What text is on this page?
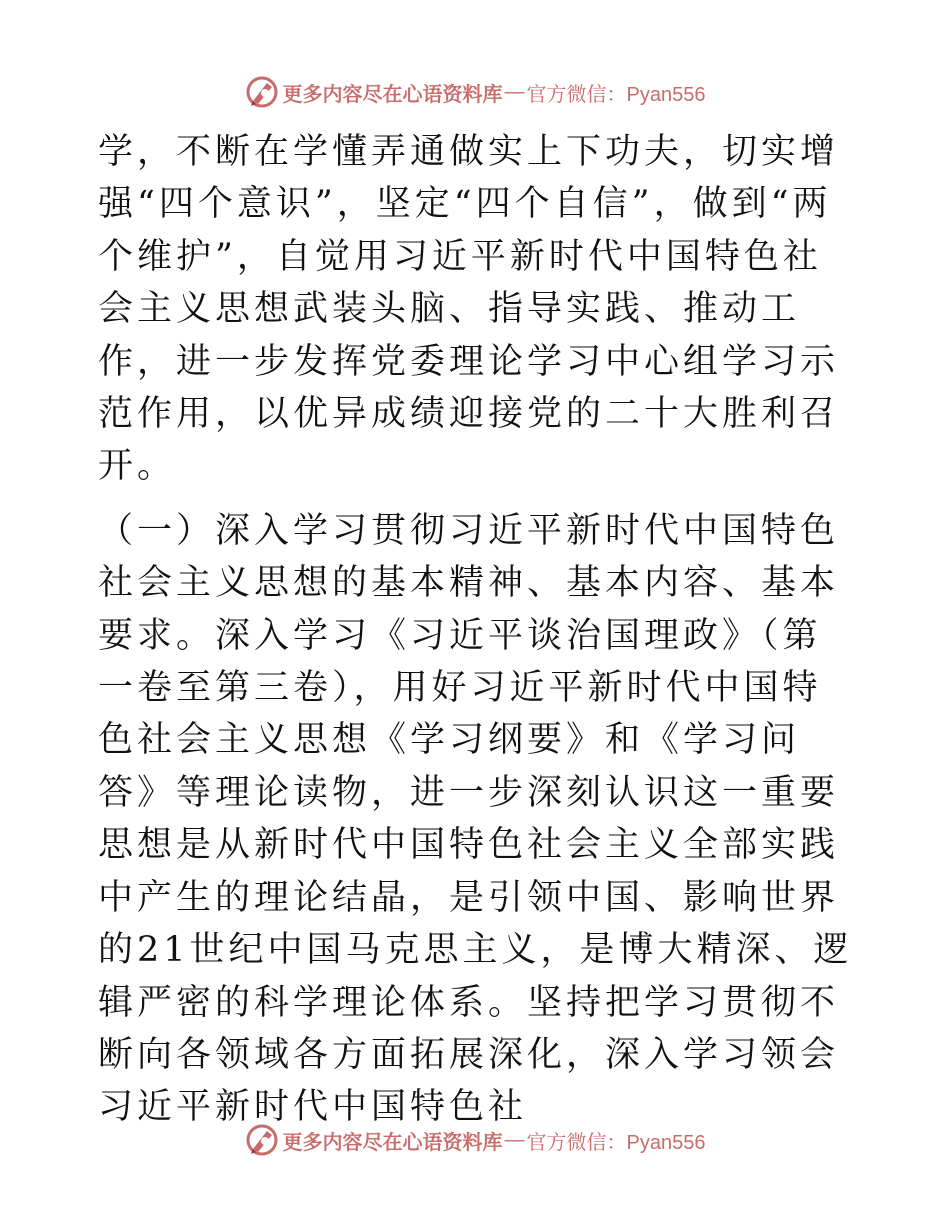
更多内容尽在心语资料库 — 官方微信：Pyan556

学，不断在学懂弄通做实上下功夫，切实增强“四个意识”，坚定“四个自信”，做到“两个维护”，自觉用习近平新时代中国特色社会主义思想武装头脑、指导实践、推动工作，进一步发挥党委理论学习中心组学习示范作用，以优异成绩迎接党的二十大胜利召开。

（一）深入学习贯彻习近平新时代中国特色社会主义思想的基本精神、基本内容、基本要求。深入学习《习近平谈治国理政》（第一卷至第三卷），用好习近平新时代中国特色社会主义思想《学习纲要》和《学习问答》等理论读物，进一步深刻认识这一重要思想是从新时代中国特色社会主义全部实践中产生的理论结晶，是引领中国、影响世界的21世纪中国马克思主义，是博大精深、逻辑严密的科学理论体系。坚持把学习贯彻不断向各领域各方面拓展深化，深入学习领会习近平新时代中国特色社

更多内容尽在心语资料库 — 官方微信：Pyan556
